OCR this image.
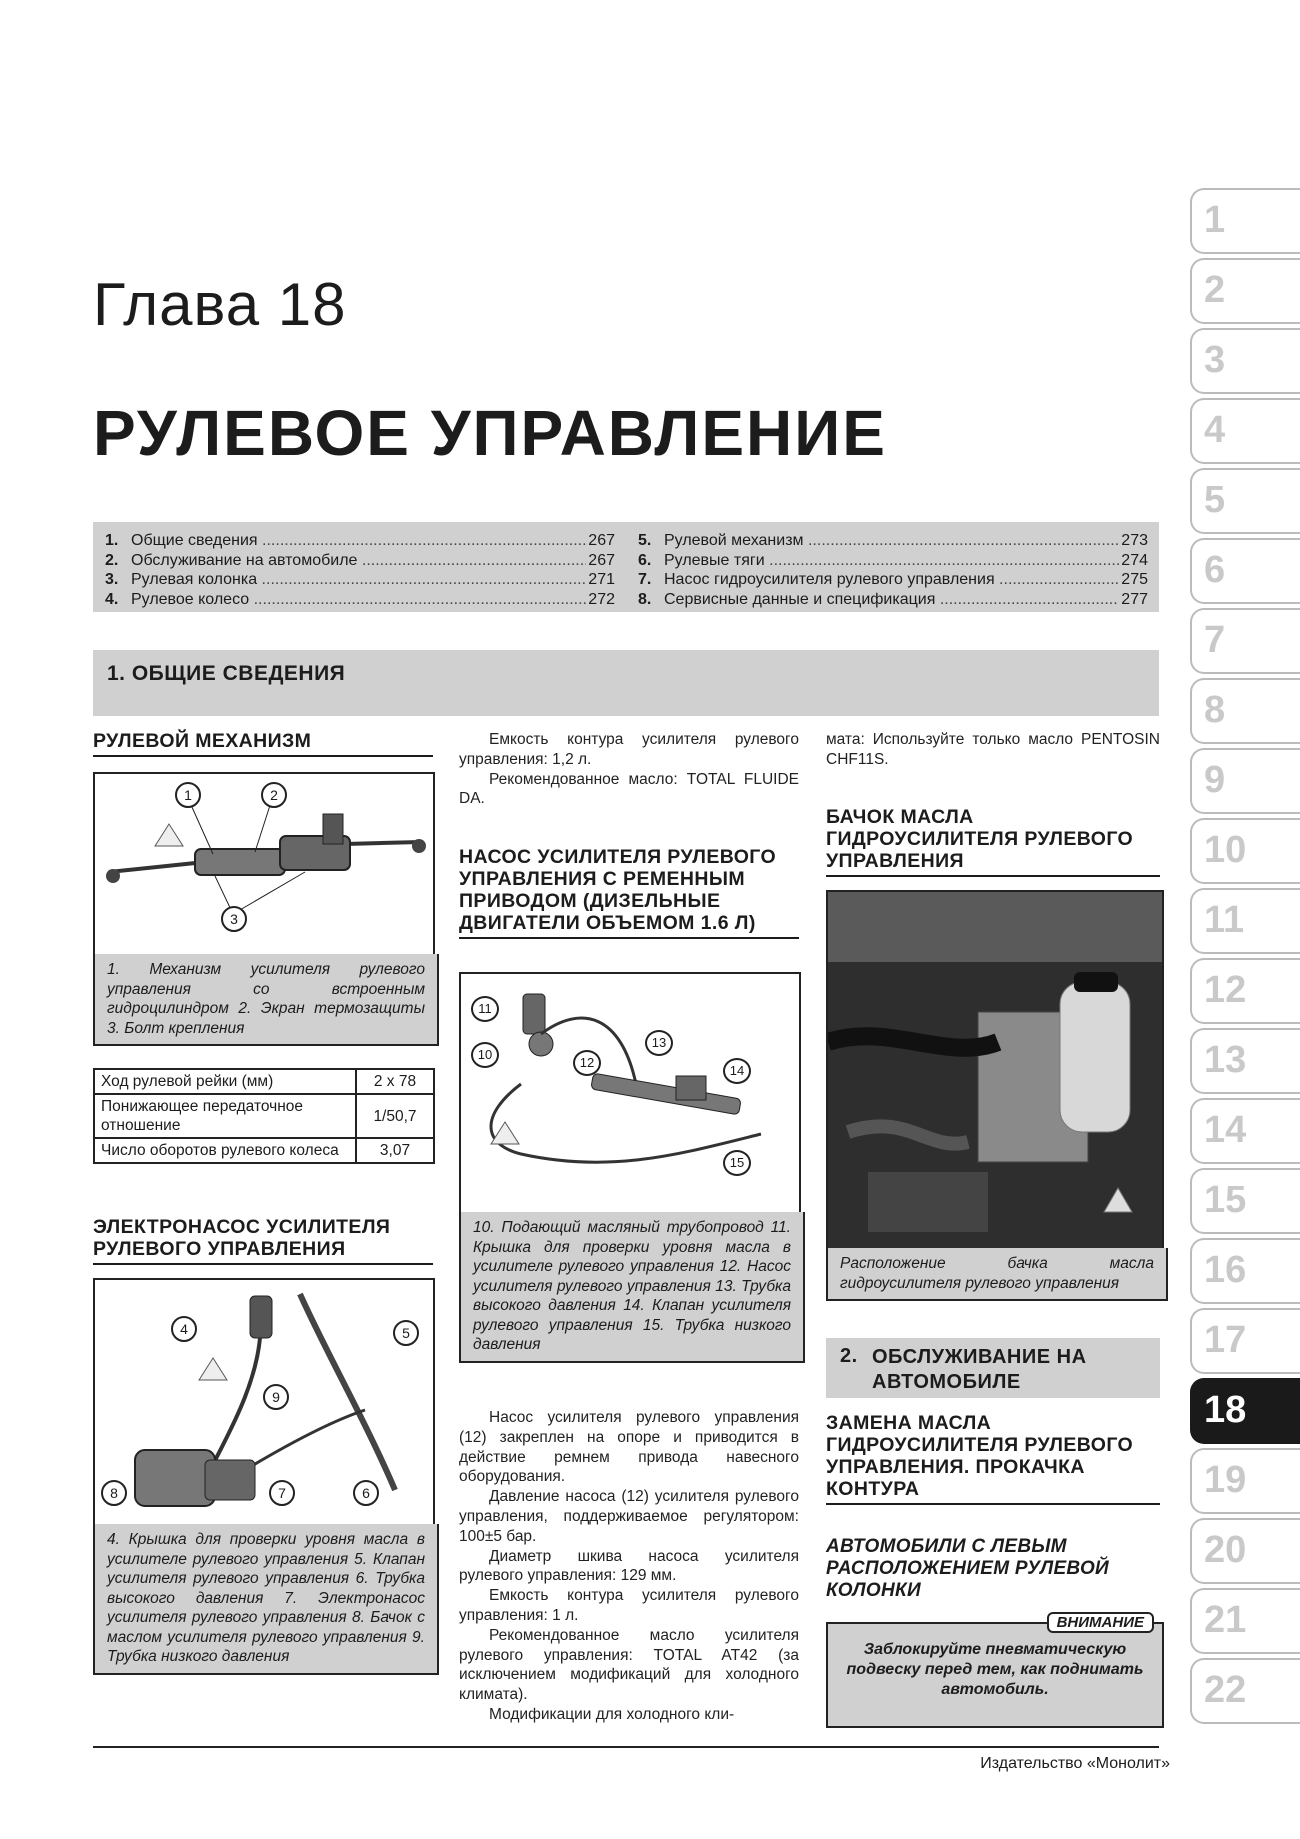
Глава 18
РУЛЕВОЕ УПРАВЛЕНИЕ
1. Общие сведения .....	267
2. Обслуживание на автомобиле .....	267
3. Рулевая колонка .....	271
4. Рулевое колесо .....	272
5. Рулевой механизм .....	273
6. Рулевые тяги .....	274
7. Насос гидроусилителя рулевого управления .....	275
8. Сервисные данные и спецификация .....	277
1. ОБЩИЕ СВЕДЕНИЯ
РУЛЕВОЙ МЕХАНИЗМ
1	2
3
1. Механизм усилителя рулевого управления со встроенным гидроцилиндром 2. Экран термозащиты 3. Болт крепления
Ход рулевой рейки (мм)	2 x 78
Понижающее передаточное отношение	1/50,7
Число оборотов рулевого колеса	3,07
ЭЛЕКТРОНАСОС УСИЛИТЕЛЯ РУЛЕВОГО УПРАВЛЕНИЯ
4	5
9
8	7	6
4. Крышка для проверки уровня масла в усилителе рулевого управления 5. Клапан усилителя рулевого управления 6. Трубка высокого давления 7. Электронасос усилителя рулевого управления 8. Бачок с маслом усилителя рулевого управления 9. Трубка низкого давления

Емкость контура усилителя рулевого управления: 1,2 л.

Рекомендованное масло: TOTAL FLUIDE DA.

НАСОС УСИЛИТЕЛЯ РУЛЕВОГО УПРАВЛЕНИЯ С РЕМЕННЫМ ПРИВОДОМ (ДИЗЕЛЬНЫЕ ДВИГАТЕЛИ ОБЪЕМОМ 1.6 Л)
11
10
12
13
14
15
10. Подающий масляный трубопровод 11. Крышка для проверки уровня масла в усилителе рулевого управления 12. Насос усилителя рулевого управления 13. Трубка высокого давления 14. Клапан усилителя рулевого управления 15. Трубка низкого давления

Насос усилителя рулевого управления (12) закреплен на опоре и приводится в действие ремнем привода навесного оборудования.

Давление насоса (12) усилителя рулевого управления, поддерживаемое регулятором: 100±5 бар.

Диаметр шкива насоса усилителя рулевого управления: 129 мм.

Емкость контура усилителя рулевого управления: 1 л.

Рекомендованное масло усилителя рулевого управления: TOTAL AT42 (за исключением модификаций для холодного климата).

Модификации для холодного кли-

мата: Используйте только масло PENTOSIN CHF11S.

БАЧОК МАСЛА ГИДРОУСИЛИТЕЛЯ РУЛЕВОГО УПРАВЛЕНИЯ
Расположение бачка масла гидроусилителя рулевого управления
2. ОБСЛУЖИВАНИЕ НА АВТОМОБИЛЕ
ЗАМЕНА МАСЛА ГИДРОУСИЛИТЕЛЯ РУЛЕВОГО УПРАВЛЕНИЯ. ПРОКАЧКА КОНТУРА
АВТОМОБИЛИ С ЛЕВЫМ РАСПОЛОЖЕНИЕМ РУЛЕВОЙ КОЛОНКИ
ВНИМАНИЕ
Заблокируйте пневматическую подвеску перед тем, как поднимать автомобиль.
Издательство «Монолит»
1
2
3
4
5
6
7
8
9
10
11
12
13
14
15
16
17
18
19
20
21
22
